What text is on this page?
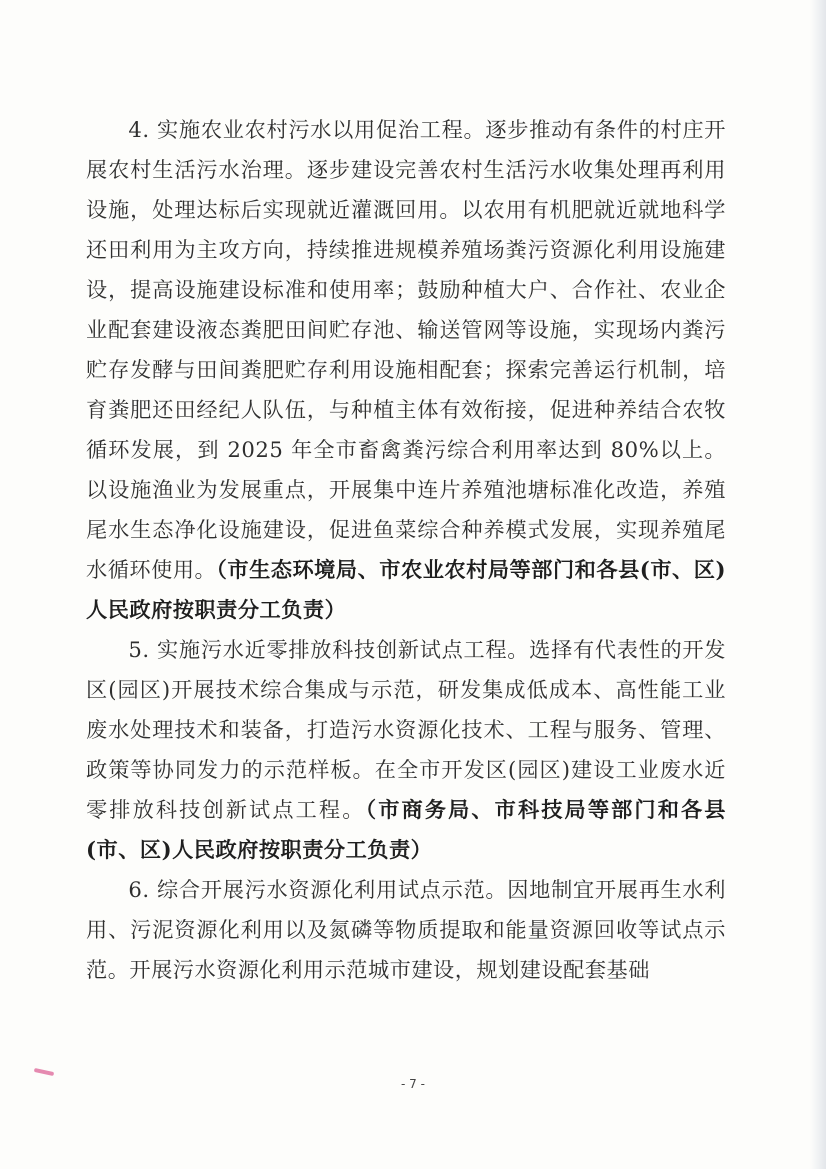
4. 实施农业农村污水以用促治工程。逐步推动有条件的村庄开展农村生活污水治理。逐步建设完善农村生活污水收集处理再利用设施，处理达标后实现就近灌溉回用。以农用有机肥就近就地科学还田利用为主攻方向，持续推进规模养殖场粪污资源化利用设施建设，提高设施建设标准和使用率；鼓励种植大户、合作社、农业企业配套建设液态粪肥田间贮存池、输送管网等设施，实现场内粪污贮存发酵与田间粪肥贮存利用设施相配套；探索完善运行机制，培育粪肥还田经纪人队伍，与种植主体有效衔接，促进种养结合农牧循环发展，到 2025 年全市畜禽粪污综合利用率达到 80%以上。以设施渔业为发展重点，开展集中连片养殖池塘标准化改造，养殖尾水生态净化设施建设，促进鱼菜综合种养模式发展，实现养殖尾水循环使用。（市生态环境局、市农业农村局等部门和各县(市、区)人民政府按职责分工负责）

5. 实施污水近零排放科技创新试点工程。选择有代表性的开发区(园区)开展技术综合集成与示范，研发集成低成本、高性能工业废水处理技术和装备，打造污水资源化技术、工程与服务、管理、政策等协同发力的示范样板。在全市开发区(园区)建设工业废水近零排放科技创新试点工程。（市商务局、市科技局等部门和各县(市、区)人民政府按职责分工负责）

6. 综合开展污水资源化利用试点示范。因地制宜开展再生水利用、污泥资源化利用以及氮磷等物质提取和能量资源回收等试点示范。开展污水资源化利用示范城市建设，规划建设配套基础

- 7 -
